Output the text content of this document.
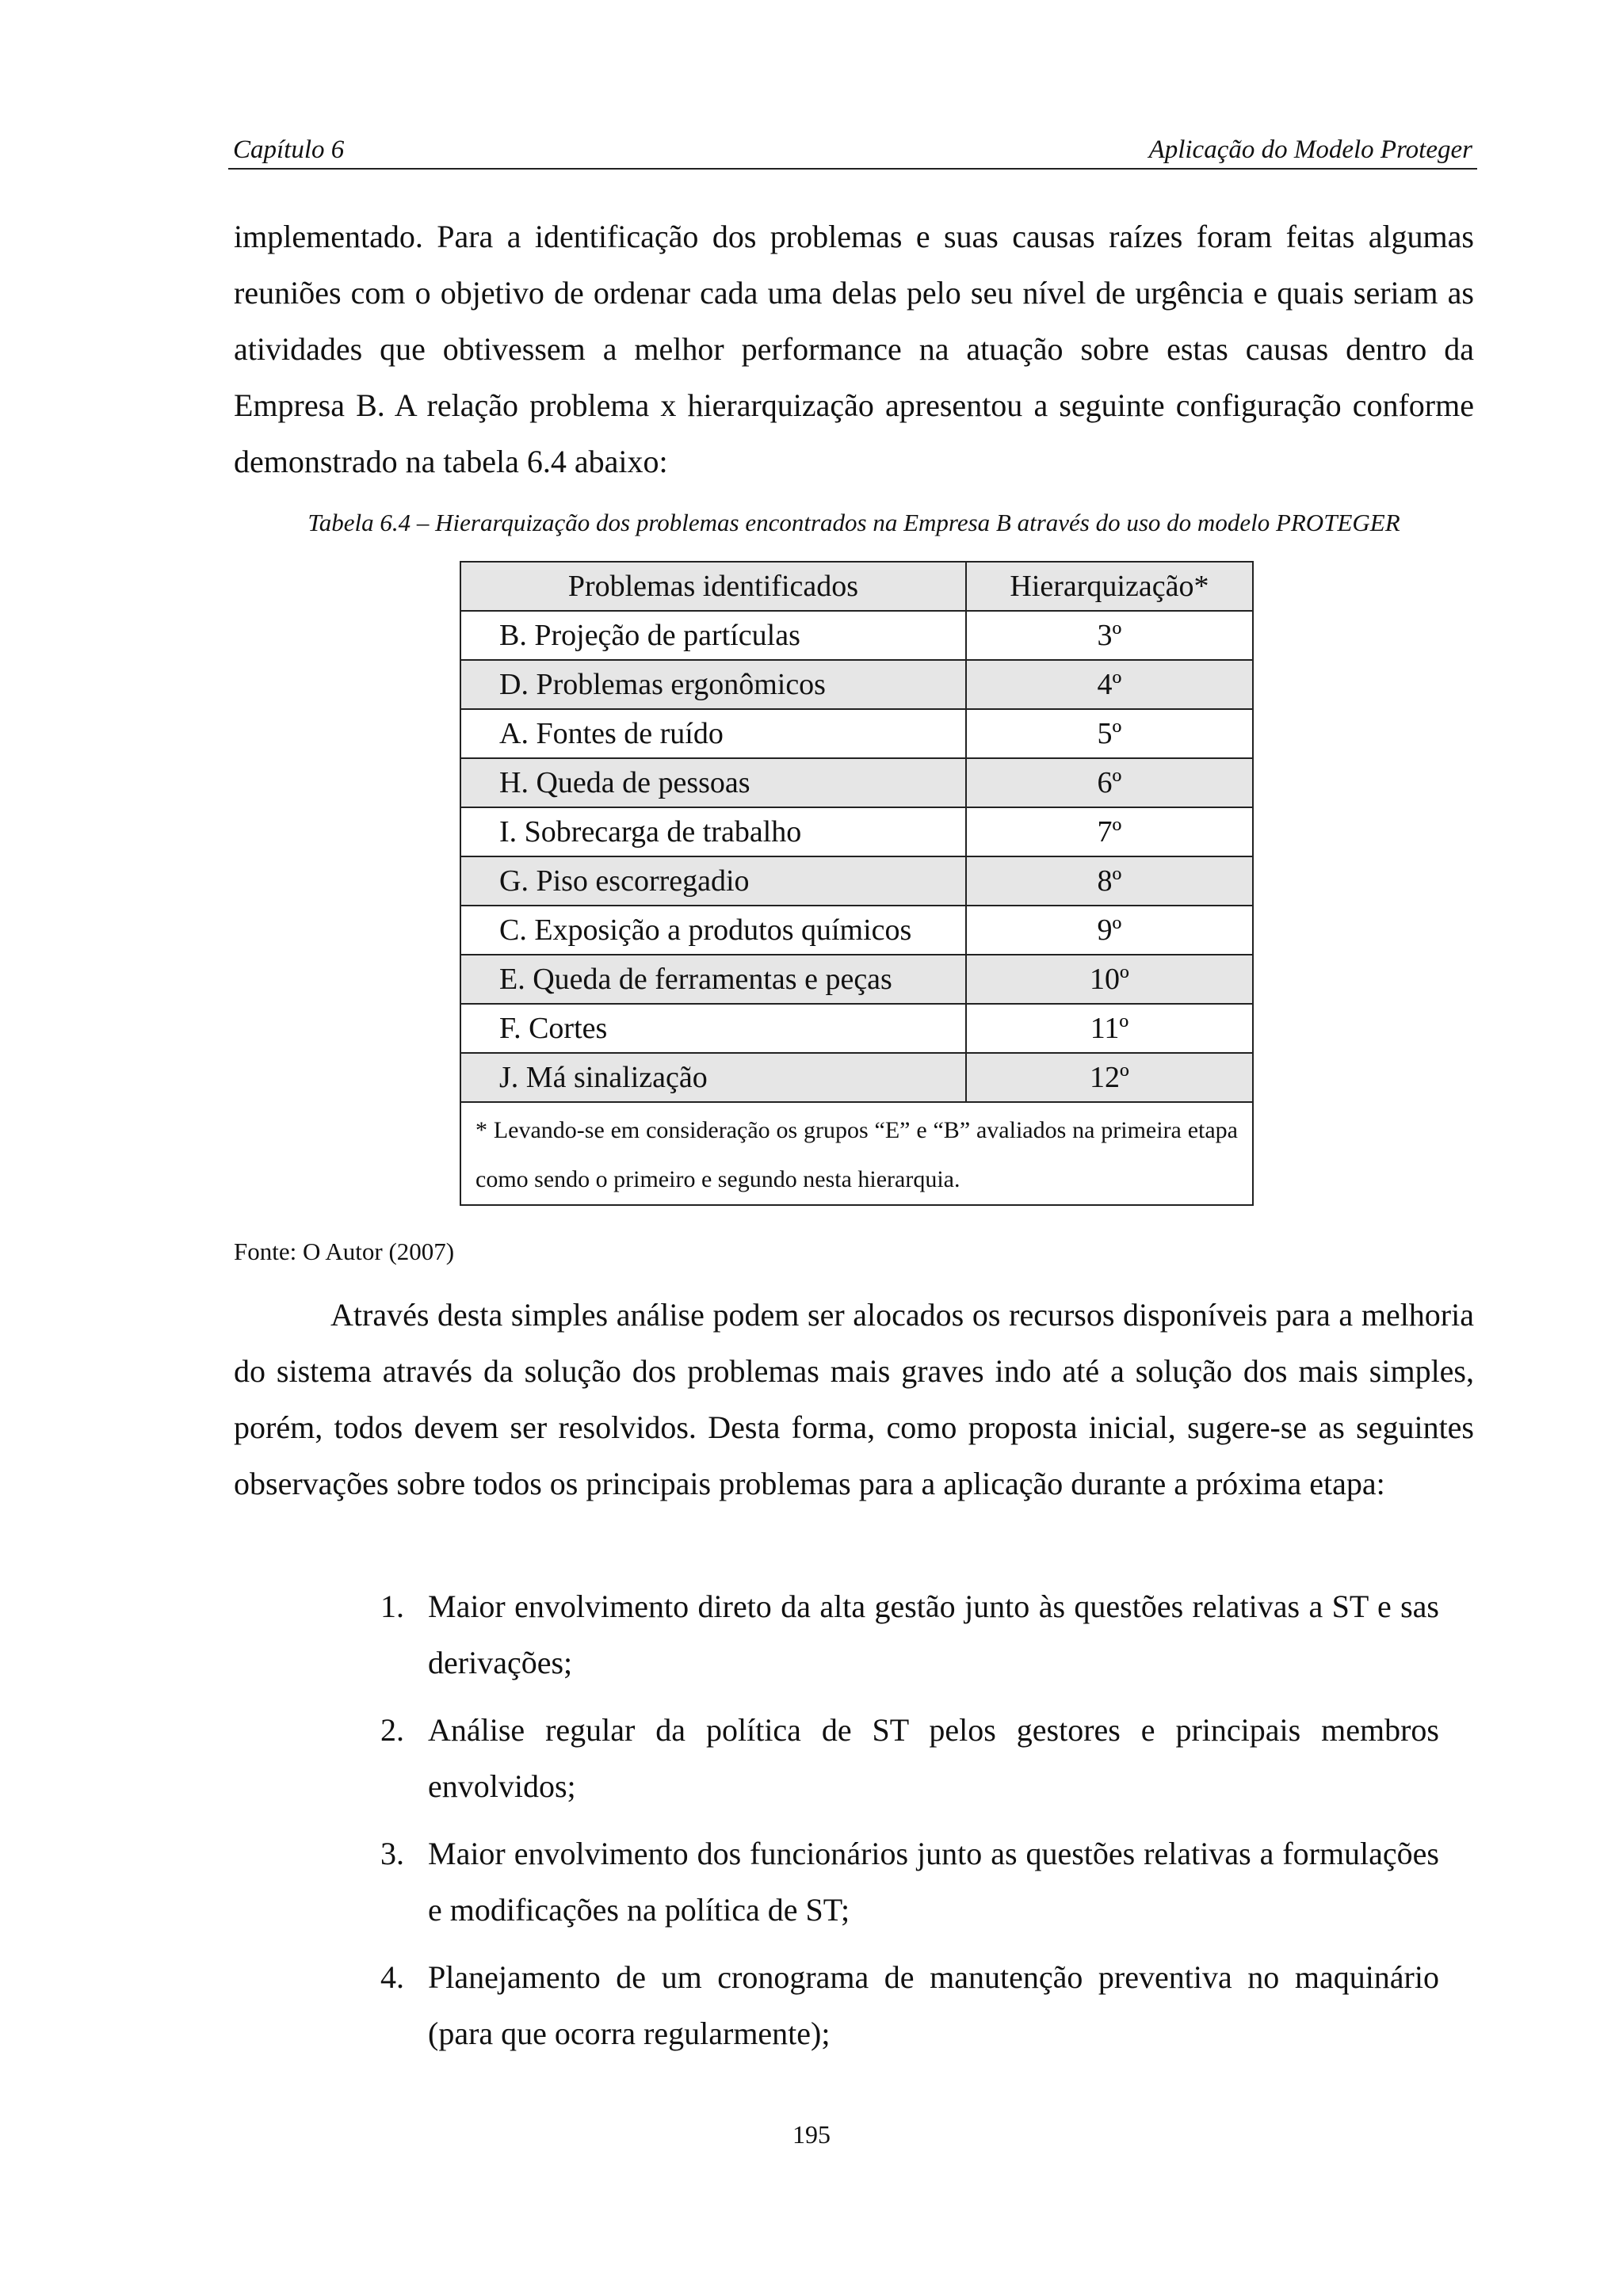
Capítulo 6	Aplicação do Modelo Proteger

implementado. Para a identificação dos problemas e suas causas raízes foram feitas algumas reuniões com o objetivo de ordenar cada uma delas pelo seu nível de urgência e quais seriam as atividades que obtivessem a melhor performance na atuação sobre estas causas dentro da Empresa B. A relação problema x hierarquização apresentou a seguinte configuração conforme demonstrado na tabela 6.4 abaixo:

Tabela 6.4 – Hierarquização dos problemas encontrados na Empresa B através do uso do modelo PROTEGER

Problemas identificados	Hierarquização*
B. Projeção de partículas	3º
D. Problemas ergonômicos	4º
A. Fontes de ruído	5º
H. Queda de pessoas	6º
I. Sobrecarga de trabalho	7º
G. Piso escorregadio	8º
C. Exposição a produtos químicos	9º
E. Queda de ferramentas e peças	10º
F. Cortes	11º
J. Má sinalização	12º
* Levando-se em consideração os grupos “E” e “B” avaliados na primeira etapa como sendo o primeiro e segundo nesta hierarquia.	

Fonte: O Autor (2007)

Através desta simples análise podem ser alocados os recursos disponíveis para a melhoria do sistema através da solução dos problemas mais graves indo até a solução dos mais simples, porém, todos devem ser resolvidos. Desta forma, como proposta inicial, sugere-se as seguintes observações sobre todos os principais problemas para a aplicação durante a próxima etapa:

1. Maior envolvimento direto da alta gestão junto às questões relativas a ST e sas derivações;
2. Análise regular da política de ST pelos gestores e principais membros envolvidos;
3. Maior envolvimento dos funcionários junto as questões relativas a formulações e modificações na política de ST;
4. Planejamento de um cronograma de manutenção preventiva no maquinário (para que ocorra regularmente);
195
